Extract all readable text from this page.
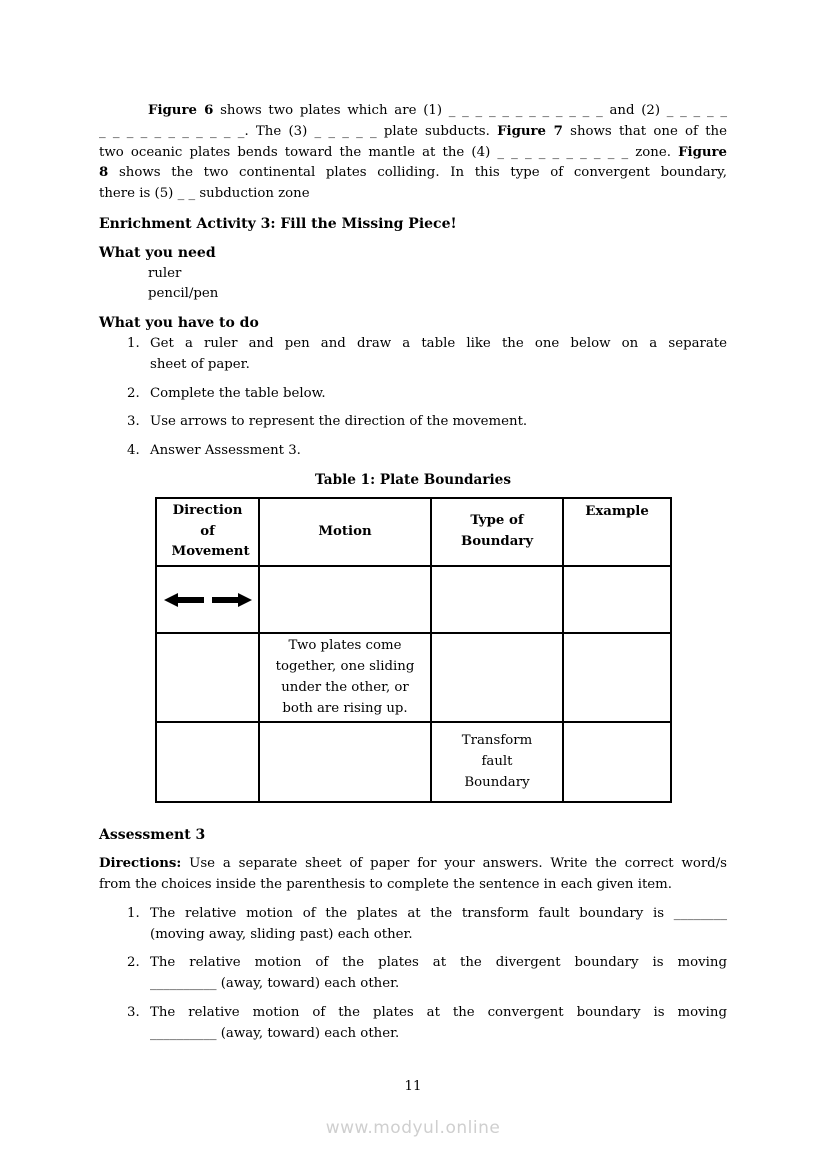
Figure 6 shows two plates which are (1) _ _ _ _ _ _ _ _ _ _ _ _ and (2) _ _ _ _ _
_ _ _ _ _ _ _ _ _ _ _. The (3) _ _ _ _ _ plate subducts. Figure 7 shows that one of the
two oceanic plates bends toward the mantle at the (4) _ _ _ _ _ _ _ _ _ _ zone. Figure
8 shows the two continental plates colliding. In this type of convergent boundary,
there is (5) _ _ subduction zone
Enrichment Activity 3: Fill the Missing Piece!
What you need
ruler
pencil/pen
What you have to do
1. Get a ruler and pen and draw a table like the one below on a separate
sheet of paper.
2. Complete the table below.
3. Use arrows to represent the direction of the movement.
4. Answer Assessment 3.
Table 1: Plate Boundaries
Direction of Movement	Motion	Type of Boundary	Example

	Two plates come together, one sliding under the other, or both are rising up.		
		Transform fault Boundary	
Assessment 3
Directions: Use a separate sheet of paper for your answers. Write the correct word/s
from the choices inside the parenthesis to complete the sentence in each given item.
1. The relative motion of the plates at the transform fault boundary is ________
(moving away, sliding past) each other.
2. The relative motion of the plates at the divergent boundary is moving
__________ (away, toward) each other.
3. The relative motion of the plates at the convergent boundary is moving
__________ (away, toward) each other.
11
www.modyul.online
